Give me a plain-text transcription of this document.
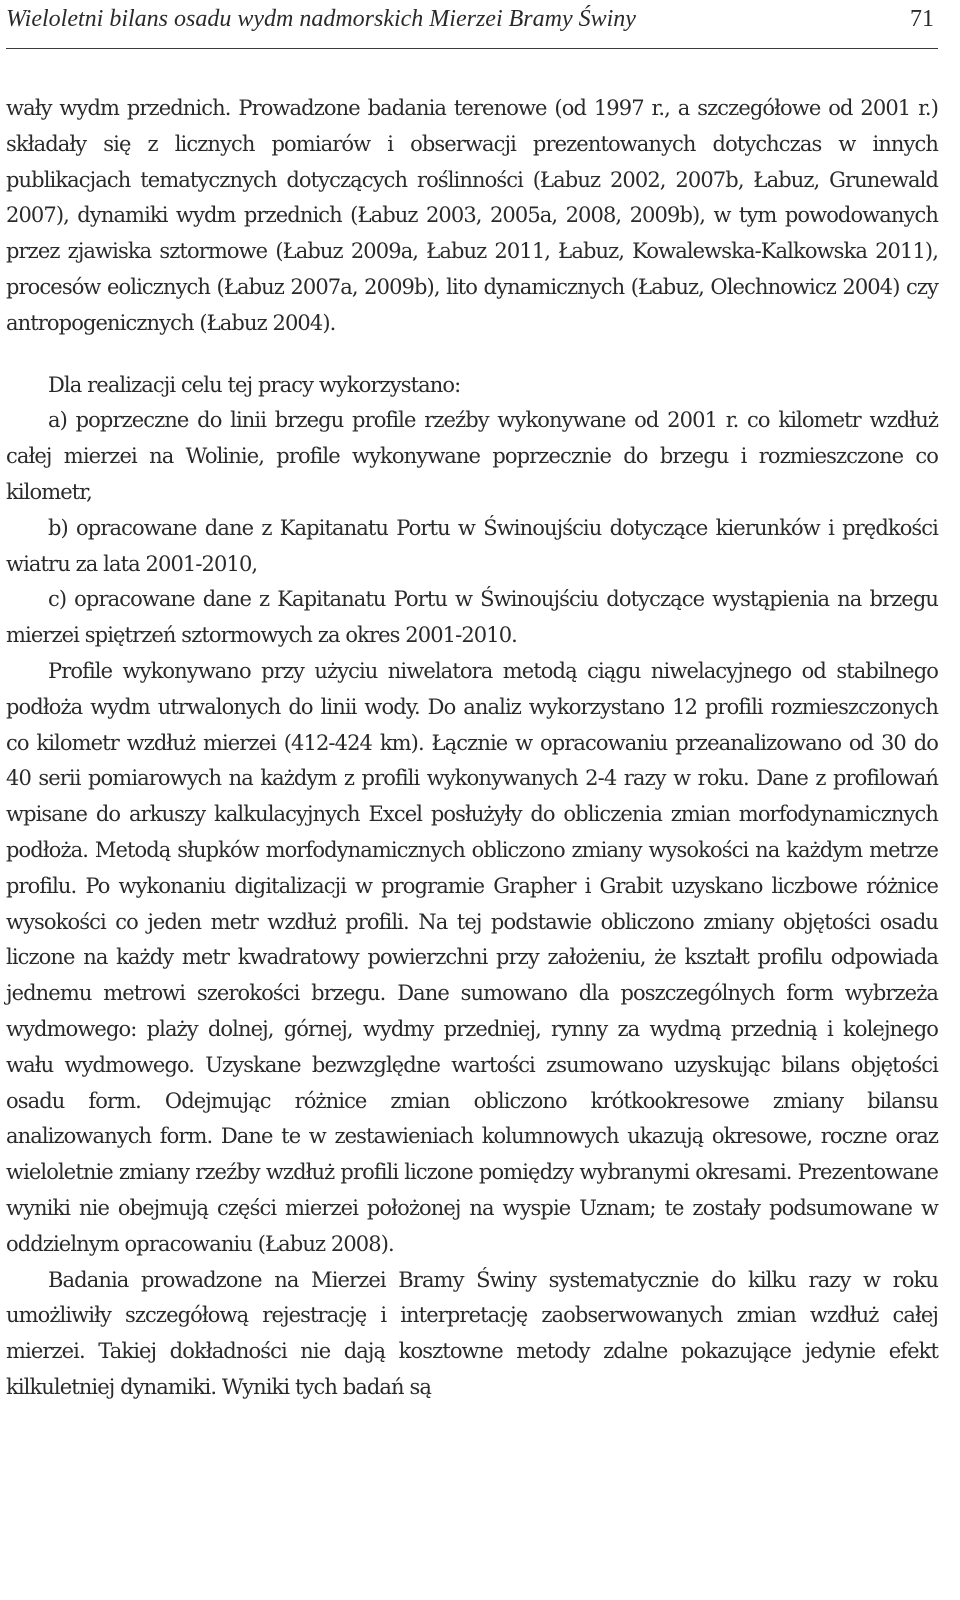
Wieloletni bilans osadu wydm nadmorskich Mierzei Bramy Świny	71

wały wydm przednich. Prowadzone badania terenowe (od 1997 r., a szczegółowe od 2001 r.) składały się z licznych pomiarów i obserwacji prezentowanych dotychczas w innych publikacjach tematycznych dotyczących roślinności (Łabuz 2002, 2007b, Łabuz, Grunewald 2007), dynamiki wydm przednich (Łabuz 2003, 2005a, 2008, 2009b), w tym powodowanych przez zjawiska sztormowe (Łabuz 2009a, Łabuz 2011, Łabuz, Kowalewska-Kalkowska 2011), procesów eolicznych (Łabuz 2007a, 2009b), lito dynamicznych (Łabuz, Olechnowicz 2004) czy antropogenicznych (Łabuz 2004).

Dla realizacji celu tej pracy wykorzystano:

a) poprzeczne do linii brzegu profile rzeźby wykonywane od 2001 r. co kilometr wzdłuż całej mierzei na Wolinie, profile wykonywane poprzecznie do brzegu i rozmieszczone co kilometr,

b) opracowane dane z Kapitanatu Portu w Świnoujściu dotyczące kierunków i prędkości wiatru za lata 2001-2010,

c) opracowane dane z Kapitanatu Portu w Świnoujściu dotyczące wystąpienia na brzegu mierzei spiętrzeń sztormowych za okres 2001-2010.

Profile wykonywano przy użyciu niwelatora metodą ciągu niwelacyjnego od stabilnego podłoża wydm utrwalonych do linii wody. Do analiz wykorzystano 12 profili rozmieszczonych co kilometr wzdłuż mierzei (412-424 km). Łącznie w opracowaniu przeanalizowano od 30 do 40 serii pomiarowych na każdym z profili wykonywanych 2-4 razy w roku. Dane z profilowań wpisane do arkuszy kalkulacyjnych Excel posłużyły do obliczenia zmian morfodynamicznych podłoża. Metodą słupków morfodynamicznych obliczono zmiany wysokości na każdym metrze profilu. Po wykonaniu digitalizacji w programie Grapher i Grabit uzyskano liczbowe różnice wysokości co jeden metr wzdłuż profili. Na tej podstawie obliczono zmiany objętości osadu liczone na każdy metr kwadratowy powierzchni przy założeniu, że kształt profilu odpowiada jednemu metrowi szerokości brzegu. Dane sumowano dla poszczególnych form wybrzeża wydmowego: plaży dolnej, górnej, wydmy przedniej, rynny za wydmą przednią i kolejnego wału wydmowego. Uzyskane bezwzględne wartości zsumowano uzyskując bilans objętości osadu form. Odejmując różnice zmian obliczono krótkookresowe zmiany bilansu analizowanych form. Dane te w zestawieniach kolumnowych ukazują okresowe, roczne oraz wieloletnie zmiany rzeźby wzdłuż profili liczone pomiędzy wybranymi okresami. Prezentowane wyniki nie obejmują części mierzei położonej na wyspie Uznam; te zostały podsumowane w oddzielnym opracowaniu (Łabuz 2008).

Badania prowadzone na Mierzei Bramy Świny systematycznie do kilku razy w roku umożliwiły szczegółową rejestrację i interpretację zaobserwowanych zmian wzdłuż całej mierzei. Takiej dokładności nie dają kosztowne metody zdalne pokazujące jedynie efekt kilkuletniej dynamiki. Wyniki tych badań są
